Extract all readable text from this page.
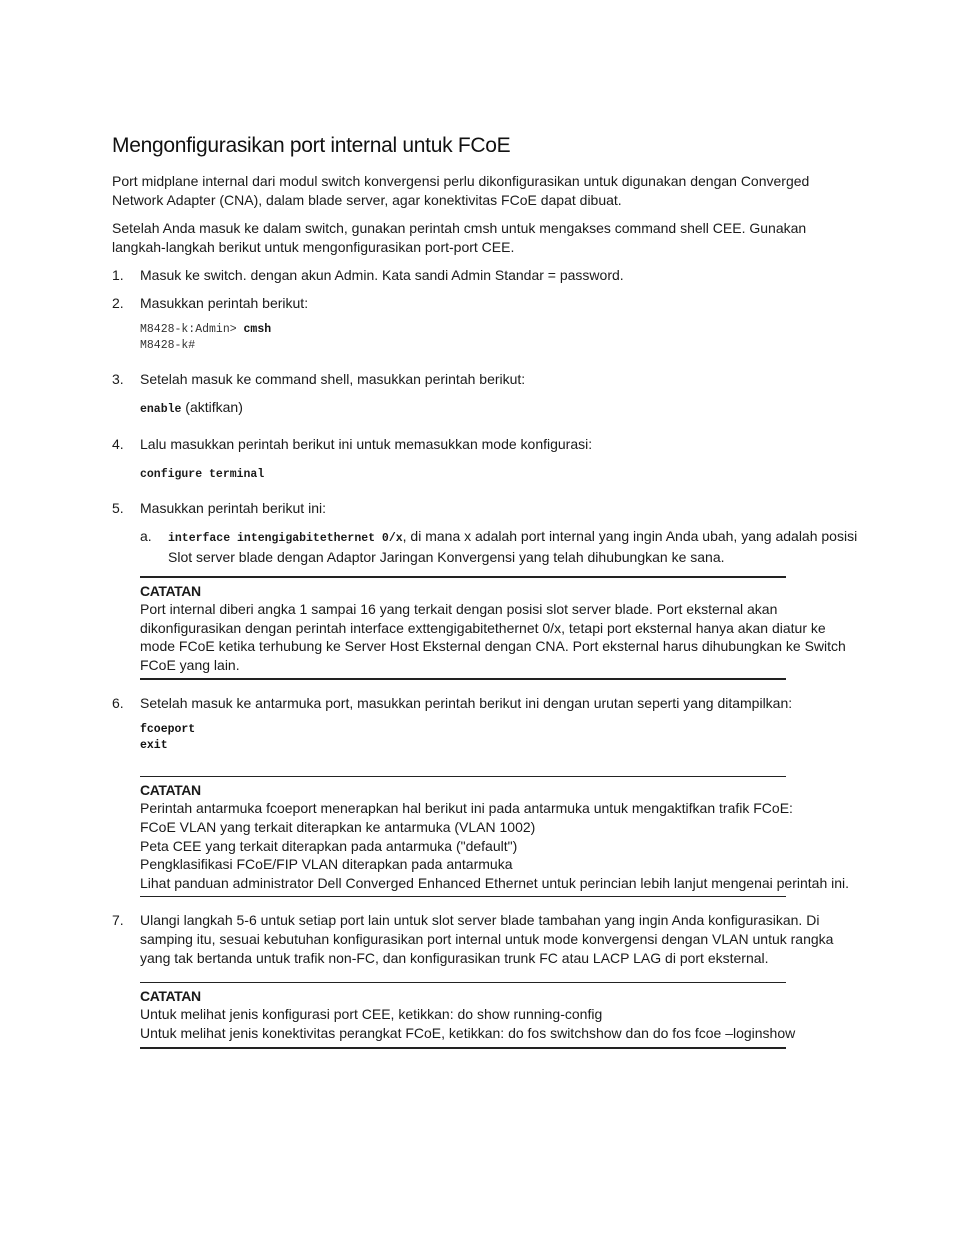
Mengonfigurasikan port internal untuk FCoE

Port midplane internal dari modul switch konvergensi perlu dikonfigurasikan untuk digunakan dengan Converged Network Adapter (CNA), dalam blade server, agar konektivitas FCoE dapat dibuat.

Setelah Anda masuk ke dalam switch, gunakan perintah cmsh untuk mengakses command shell CEE. Gunakan langkah-langkah berikut untuk mengonfigurasikan port-port CEE.

1. Masuk ke switch. dengan akun Admin. Kata sandi Admin Standar = password.
2. Masukkan perintah berikut:
M8428-k:Admin> cmsh
M8428-k#
3. Setelah masuk ke command shell, masukkan perintah berikut:
enable (aktifkan)
4. Lalu masukkan perintah berikut ini untuk memasukkan mode konfigurasi:
configure terminal
5. Masukkan perintah berikut ini:
a. interface intengigabitethernet 0/x, di mana x adalah port internal yang ingin Anda ubah, yang adalah posisi Slot server blade dengan Adaptor Jaringan Konvergensi yang telah dihubungkan ke sana.
CATATAN
Port internal diberi angka 1 sampai 16 yang terkait dengan posisi slot server blade. Port eksternal akan dikonfigurasikan dengan perintah interface exttengigabitethernet 0/x, tetapi port eksternal hanya akan diatur ke mode FCoE ketika terhubung ke Server Host Eksternal dengan CNA. Port eksternal harus dihubungkan ke Switch FCoE yang lain.
6. Setelah masuk ke antarmuka port, masukkan perintah berikut ini dengan urutan seperti yang ditampilkan:
fcoeport
exit
CATATAN
Perintah antarmuka fcoeport menerapkan hal berikut ini pada antarmuka untuk mengaktifkan trafik FCoE:
FCoE VLAN yang terkait diterapkan ke antarmuka (VLAN 1002)
Peta CEE yang terkait diterapkan pada antarmuka ("default")
Pengklasifikasi FCoE/FIP VLAN diterapkan pada antarmuka
Lihat panduan administrator Dell Converged Enhanced Ethernet untuk perincian lebih lanjut mengenai perintah ini.
7. Ulangi langkah 5-6 untuk setiap port lain untuk slot server blade tambahan yang ingin Anda konfigurasikan. Di samping itu, sesuai kebutuhan konfigurasikan port internal untuk mode konvergensi dengan VLAN untuk rangka yang tak bertanda untuk trafik non-FC, dan konfigurasikan trunk FC atau LACP LAG di port eksternal.
CATATAN
Untuk melihat jenis konfigurasi port CEE, ketikkan: do show running-config
Untuk melihat jenis konektivitas perangkat FCoE, ketikkan: do fos switchshow dan do fos fcoe –loginshow
